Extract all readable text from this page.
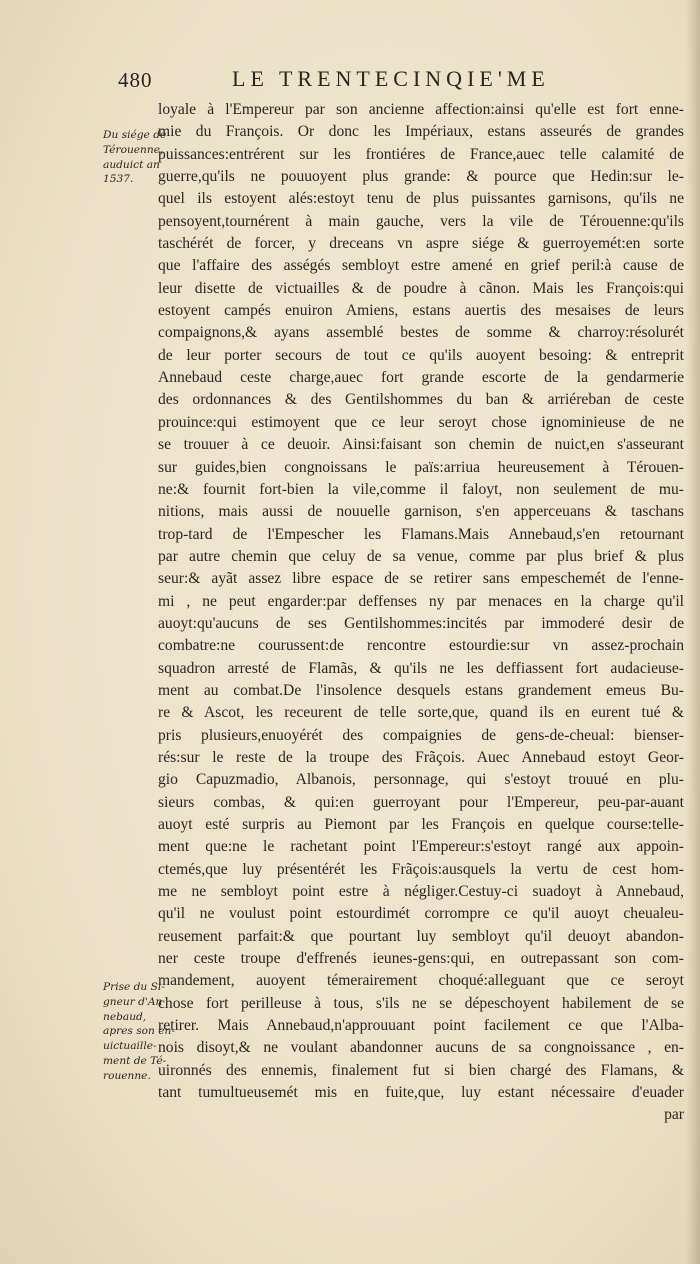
480	LE TRENTECINQIE'ME
Du siége de
Térouenne,
auduict an
1537.
Prise du Si-
gneur d'An
nebaud,
apres son en-
uictuaille-
ment de Té-
rouenne.
loyale à l'Empereur par son ancienne affection:ainsi qu'elle est fort enne-
mie du François. Or donc les Impériaux, estans asseurés de grandes
puissances:entrérent sur les frontiéres de France,auec telle calamité de
guerre,qu'ils ne pouuoyent plus grande: & pource que Hedin:sur le-
quel ils estoyent alés:estoyt tenu de plus puissantes garnisons, qu'ils ne
pensoyent,tournérent à main gauche, vers la vile de Térouenne:qu'ils
taschérét de forcer, y dreceans vn aspre siége & guerroyemét:en sorte
que l'affaire des asségés sembloyt estre amené en grief peril:à cause de
leur disette de victuailles & de poudre à cãnon. Mais les François:qui
estoyent campés enuiron Amiens, estans auertis des mesaises de leurs
compaignons,& ayans assemblé bestes de somme & charroy:résolurét
de leur porter secours de tout ce qu'ils auoyent besoing: & entreprit
Annebaud ceste charge,auec fort grande escorte de la gendarmerie
des ordonnances & des Gentilshommes du ban & arriéreban de ceste
prouince:qui estimoyent que ce leur seroyt chose ignominieuse de ne
se trouuer à ce deuoir. Ainsi:faisant son chemin de nuict,en s'asseurant
sur guides,bien congnoissans le païs:arriua heureusement à Térouen-
ne:& fournit fort-bien la vile,comme il faloyt, non seulement de mu-
nitions, mais aussi de nouuelle garnison, s'en apperceuans & taschans
trop-tard de l'Empescher les Flamans.Mais Annebaud,s'en retournant
par autre chemin que celuy de sa venue, comme par plus brief & plus
seur:& ayãt assez libre espace de se retirer sans empeschemét de l'enne-
mi , ne peut engarder:par deffenses ny par menaces en la charge qu'il
auoyt:qu'aucuns de ses Gentilshommes:incités par immoderé desir de
combatre:ne courussent:de rencontre estourdie:sur vn assez-prochain
squadron arresté de Flamãs, & qu'ils ne les deffiassent fort audacieuse-
ment au combat.De l'insolence desquels estans grandement emeus Bu-
re & Ascot, les receurent de telle sorte,que, quand ils en eurent tué &
pris plusieurs,enuoyérét des compaignies de gens-de-cheual: bienser-
rés:sur le reste de la troupe des Frãçois. Auec Annebaud estoyt Geor-
gio Capuzmadio, Albanois, personnage, qui s'estoyt trouué en plu-
sieurs combas, & qui:en guerroyant pour l'Empereur, peu-par-auant
auoyt esté surpris au Piemont par les François en quelque course:telle-
ment que:ne le rachetant point l'Empereur:s'estoyt rangé aux appoin-
ctemés,que luy présentérét les Frãçois:ausquels la vertu de cest hom-
me ne sembloyt point estre à négliger.Cestuy-ci suadoyt à Annebaud,
qu'il ne voulust point estourdimét corrompre ce qu'il auoyt cheualeu-
reusement parfait:& que pourtant luy sembloyt qu'il deuoyt abandon-
ner ceste troupe d'effrenés ieunes-gens:qui, en outrepassant son com-
mandement, auoyent témerairement choqué:alleguant que ce seroyt
chose fort perilleuse à tous, s'ils ne se dépeschoyent habilement de se
retirer. Mais Annebaud,n'approuuant point facilement ce que l'Alba-
nois disoyt,& ne voulant abandonner aucuns de sa congnoissance , en-
uironnés des ennemis, finalement fut si bien chargé des Flamans, &
tant tumultueusemét mis en fuite,que, luy estant nécessaire d'euader
par
